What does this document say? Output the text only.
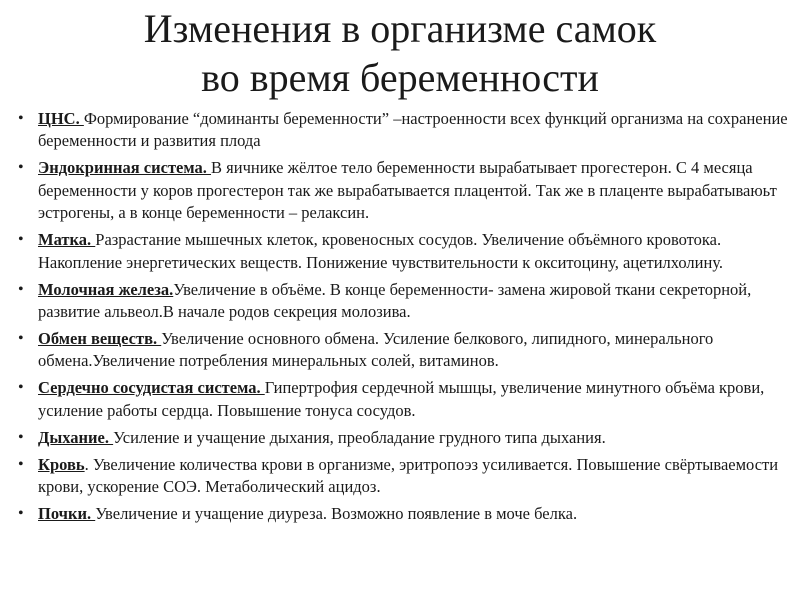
Изменения в организме самок
во время беременности
• ЦНС. Формирование “доминанты беременности” –настроенности всех функций организма на сохранение беременности и развития плода
• Эндокринная система. В яичнике жёлтое тело беременности вырабатывает прогестерон. С 4 месяца беременности у коров прогестерон так же вырабатывается плацентой. Так же в плаценте вырабатываюьт эстрогены, а в конце беременности – релаксин.
• Матка. Разрастание мышечных клеток, кровеносных сосудов. Увеличение объёмного кровотока. Накопление энергетических веществ. Понижение чувствительности к окситоцину, ацетилхолину.
• Молочная железа.Увеличение в объёме. В конце беременности- замена жировой ткани секреторной, развитие альвеол.В начале родов секреция молозива.
• Обмен веществ. Увеличение основного обмена. Усиление белкового, липидного, минерального обмена.Увеличение потребления минеральных солей, витаминов.
• Сердечно сосудистая система. Гипертрофия сердечной мышцы, увеличение минутного объёма крови, усиление работы сердца. Повышение тонуса сосудов.
• Дыхание. Усиление и учащение дыхания, преобладание грудного типа дыхания.
• Кровь. Увеличение количества крови в организме, эритропоэз усиливается. Повышение свёртываемости крови, ускорение СОЭ. Метаболический ацидоз.
• Почки. Увеличение и учащение диуреза. Возможно появление в моче белка.
